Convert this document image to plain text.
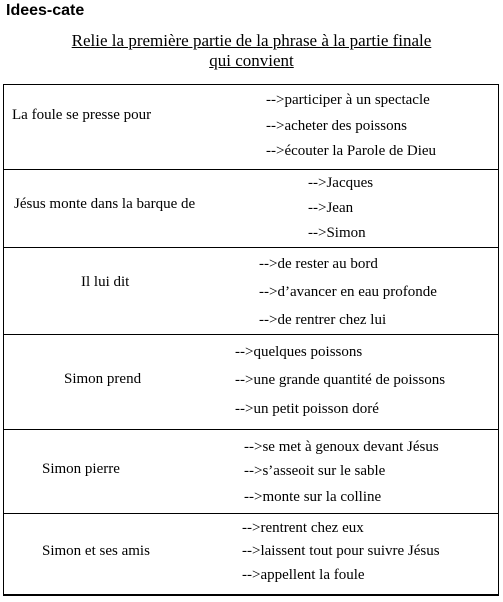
Idees-cate
Relie la première partie de la phrase à la partie finale
qui convient
La foule se presse pour
-->participer à un spectacle
-->acheter des poissons
-->écouter la Parole de Dieu
Jésus monte dans la barque de
-->Jacques
-->Jean
-->Simon
Il lui dit
-->de rester au bord
-->d’avancer en eau profonde
-->de rentrer chez lui
Simon prend
-->quelques poissons
-->une grande quantité de poissons
-->un petit poisson doré
Simon pierre
-->se met à genoux devant Jésus
-->s’asseoit sur le sable
-->monte sur la colline
Simon et ses amis
-->rentrent chez eux
-->laissent tout pour suivre Jésus
-->appellent la foule
